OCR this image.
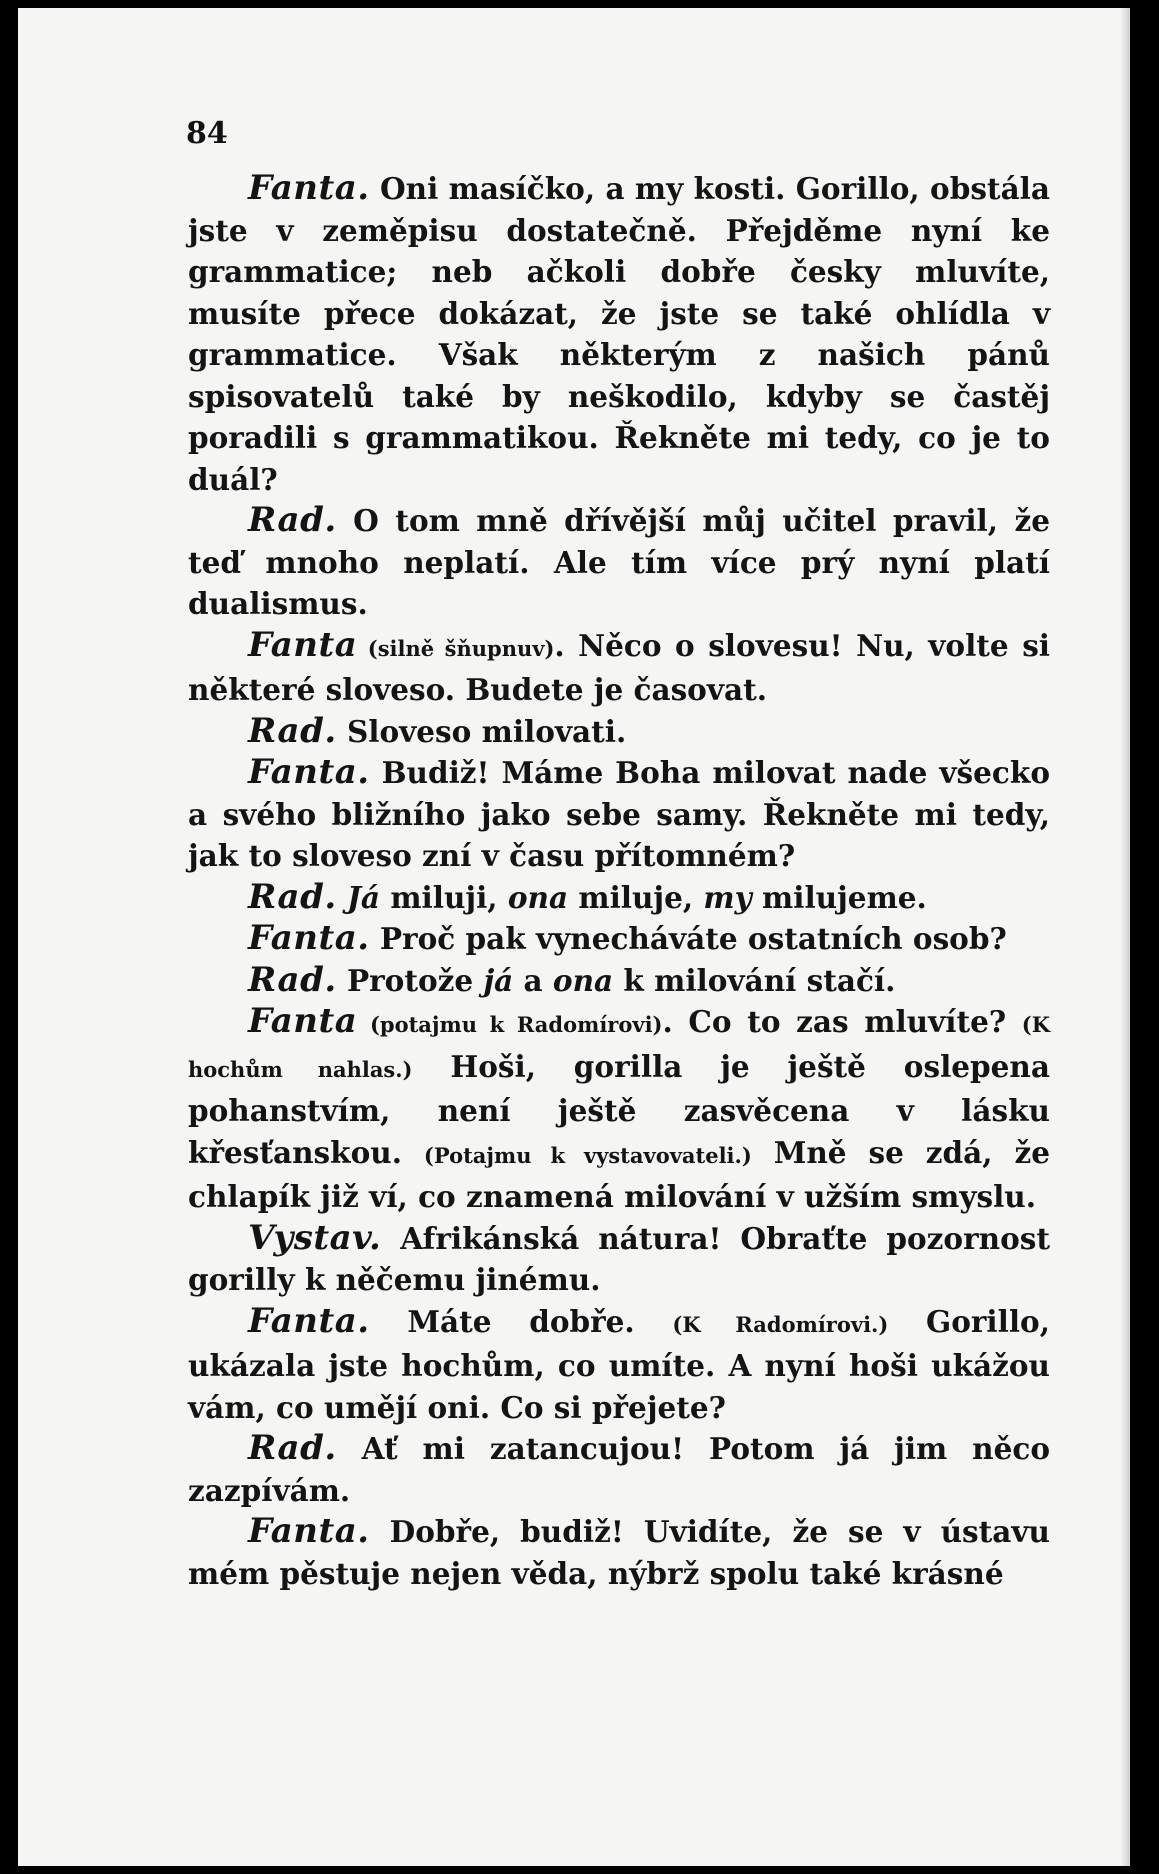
84

Fanta. Oni masíčko, a my kosti. Gorillo, obstála jste v zeměpisu dostatečně. Přejděme nyní ke grammatice; neb ačkoli dobře česky mluvíte, musíte přece dokázat, že jste se také ohlídla v grammatice. Však některým z našich pánů spisovatelů také by neškodilo, kdyby se častěj poradili s grammatikou. Řekněte mi tedy, co je to duál?

Rad. O tom mně dřívější můj učitel pravil, že teď mnoho neplatí. Ale tím více prý nyní platí dualismus.

Fanta (silně šňupnuv). Něco o slovesu! Nu, volte si některé sloveso. Budete je časovat.

Rad. Sloveso milovati.

Fanta. Budiž! Máme Boha milovat nade všecko a svého bližního jako sebe samy. Řekněte mi tedy, jak to sloveso zní v času přítomném?

Rad. Já miluji, ona miluje, my milujeme.

Fanta. Proč pak vynecháváte ostatních osob?

Rad. Protože já a ona k milování stačí.

Fanta (potajmu k Radomírovi). Co to zas mluvíte? (K hochům nahlas.) Hoši, gorilla je ještě oslepena pohanstvím, není ještě zasvěcena v lásku křesťanskou. (Potajmu k vystavovateli.) Mně se zdá, že chlapík již ví, co znamená milování v užším smyslu.

Vystav. Afrikánská nátura! Obraťte pozornost gorilly k něčemu jinému.

Fanta. Máte dobře. (K Radomírovi.) Gorillo, ukázala jste hochům, co umíte. A nyní hoši ukážou vám, co umějí oni. Co si přejete?

Rad. Ať mi zatancujou! Potom já jim něco zazpívám.

Fanta. Dobře, budiž! Uvidíte, že se v ústavu mém pěstuje nejen věda, nýbrž spolu také krásné
